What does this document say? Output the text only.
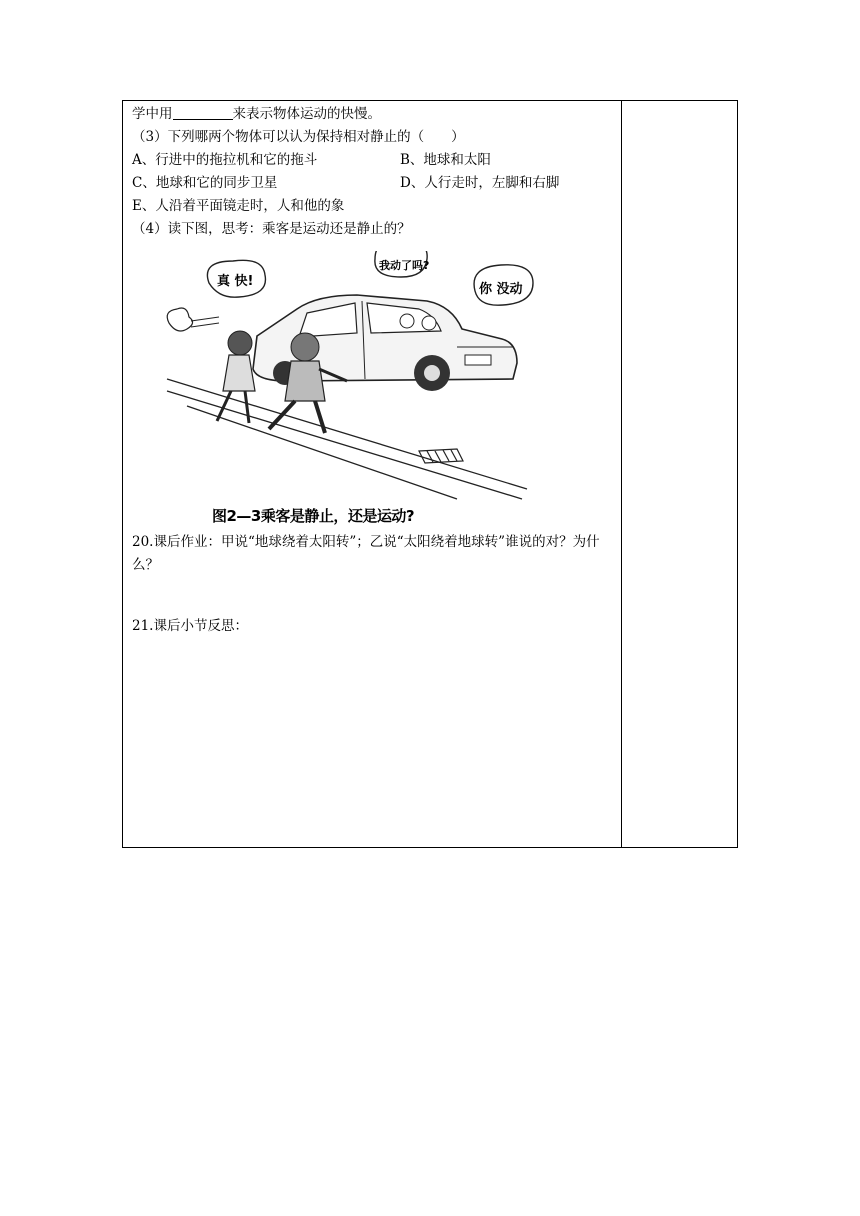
学中用	来表示物体运动的快慢。
（3）下列哪两个物体可以认为保持相对静止的（　　）
A、行进中的拖拉机和它的拖斗	B、地球和太阳
C、地球和它的同步卫星	D、人行走时，左脚和右脚
E、人沿着平面镜走时，人和他的象
（4）读下图，思考：乘客是运动还是静止的？
真 快!
我动了吗?
你 没动
图2—3乘客是静止，还是运动?
20.课后作业：甲说“地球绕着太阳转”；乙说“太阳绕着地球转”谁说的对？为什么？
21.课后小节反思：
